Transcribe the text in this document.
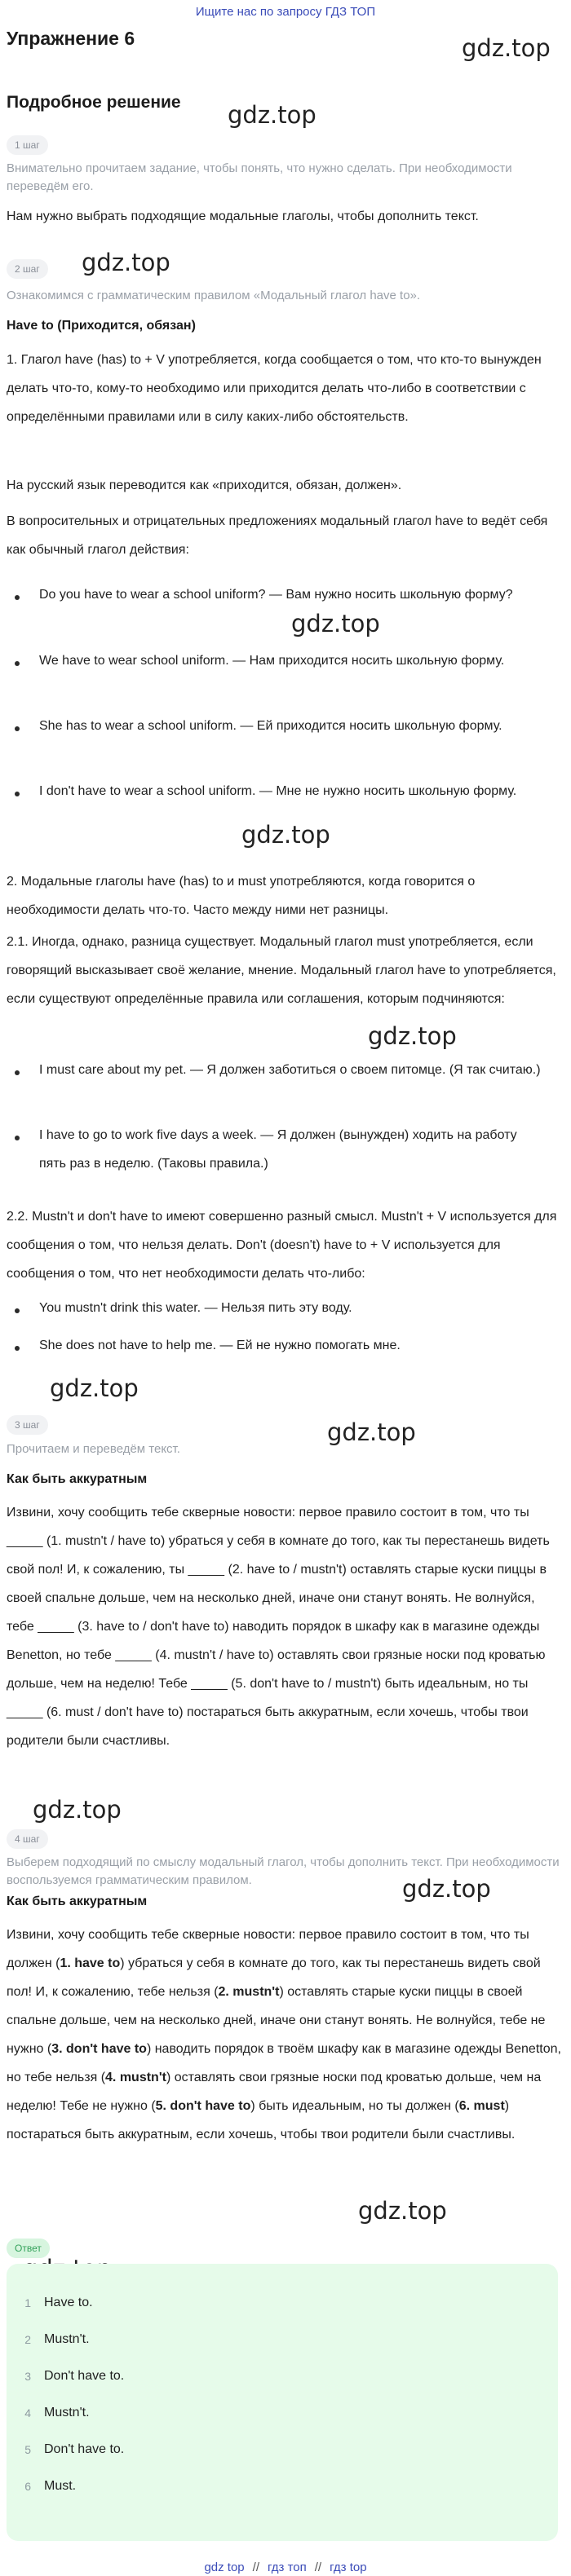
Ищите нас по запросу ГДЗ ТОП
Упражнение 6
Подробное решение
gdz.top
gdz.top
gdz.top
gdz.top
gdz.top
gdz.top
gdz.top
gdz.top
gdz.top
gdz.top
gdz.top
1 шаг
Внимательно прочитаем задание, чтобы понять, что нужно сделать. При необходимости переведём его.
Нам нужно выбрать подходящие модальные глаголы, чтобы дополнить текст.
2 шаг
Ознакомимся с грамматическим правилом «Модальный глагол have to».
Have to (Приходится, обязан)
1. Глагол have (has) to + V употребляется, когда сообщается о том, что кто-то вынужден делать что-то, кому-то необходимо или приходится делать что-либо в соответствии с определёнными правилами или в силу каких-либо обстоятельств.
На русский язык переводится как «приходится, обязан, должен».
В вопросительных и отрицательных предложениях модальный глагол have to ведёт себя как обычный глагол действия:
Do you have to wear a school uniform? — Вам нужно носить школьную форму?
We have to wear school uniform. — Нам приходится носить школьную форму.
She has to wear a school uniform. — Ей приходится носить школьную форму.
I don't have to wear a school uniform. — Мне не нужно носить школьную форму.
2. Модальные глаголы have (has) to и must употребляются, когда говорится о необходимости делать что-то. Часто между ними нет разницы.
2.1. Иногда, однако, разница существует. Модальный глагол must употребляется, если говорящий высказывает своё желание, мнение. Модальный глагол have to употребляется, если существуют определённые правила или соглашения, которым подчиняются:
I must care about my pet. — Я должен заботиться о своем питомце. (Я так считаю.)
I have to go to work five days a week. — Я должен (вынужден) ходить на работу пять раз в неделю. (Таковы правила.)
2.2. Mustn't и don't have to имеют совершенно разный смысл. Mustn't + V используется для сообщения о том, что нельзя делать. Don't (doesn't) have to + V используется для сообщения о том, что нет необходимости делать что-либо:
You mustn't drink this water. — Нельзя пить эту воду.
She does not have to help me. — Ей не нужно помогать мне.
3 шаг
Прочитаем и переведём текст.
Как быть аккуратным
Извини, хочу сообщить тебе скверные новости: первое правило состоит в том, что ты _____ (1. mustn't / have to) убраться у себя в комнате до того, как ты перестанешь видеть свой пол! И, к сожалению, ты _____ (2. have to / mustn't) оставлять старые куски пиццы в своей спальне дольше, чем на несколько дней, иначе они станут вонять. Не волнуйся, тебе _____ (3. have to / don't have to) наводить порядок в шкафу как в магазине одежды Benetton, но тебе _____ (4. mustn't / have to) оставлять свои грязные носки под кроватью дольше, чем на неделю! Тебе _____ (5. don't have to / mustn't) быть идеальным, но ты _____ (6. must / don't have to) постараться быть аккуратным, если хочешь, чтобы твои родители были счастливы.
4 шаг
Выберем подходящий по смыслу модальный глагол, чтобы дополнить текст. При необходимости воспользуемся грамматическим правилом.
Как быть аккуратным
Извини, хочу сообщить тебе скверные новости: первое правило состоит в том, что ты должен (1. have to) убраться у себя в комнате до того, как ты перестанешь видеть свой пол! И, к сожалению, тебе нельзя (2. mustn't) оставлять старые куски пиццы в своей спальне дольше, чем на несколько дней, иначе они станут вонять. Не волнуйся, тебе не нужно (3. don't have to) наводить порядок в твоём шкафу как в магазине одежды Benetton, но тебе нельзя (4. mustn't) оставлять свои грязные носки под кроватью дольше, чем на неделю! Тебе не нужно (5. don't have to) быть идеальным, но ты должен (6. must) постараться быть аккуратным, если хочешь, чтобы твои родители были счастливы.
Ответ
1	Have to.
2	Mustn't.
3	Don't have to.
4	Mustn't.
5	Don't have to.
6	Must.
gdz top // гдз топ // гдз top
